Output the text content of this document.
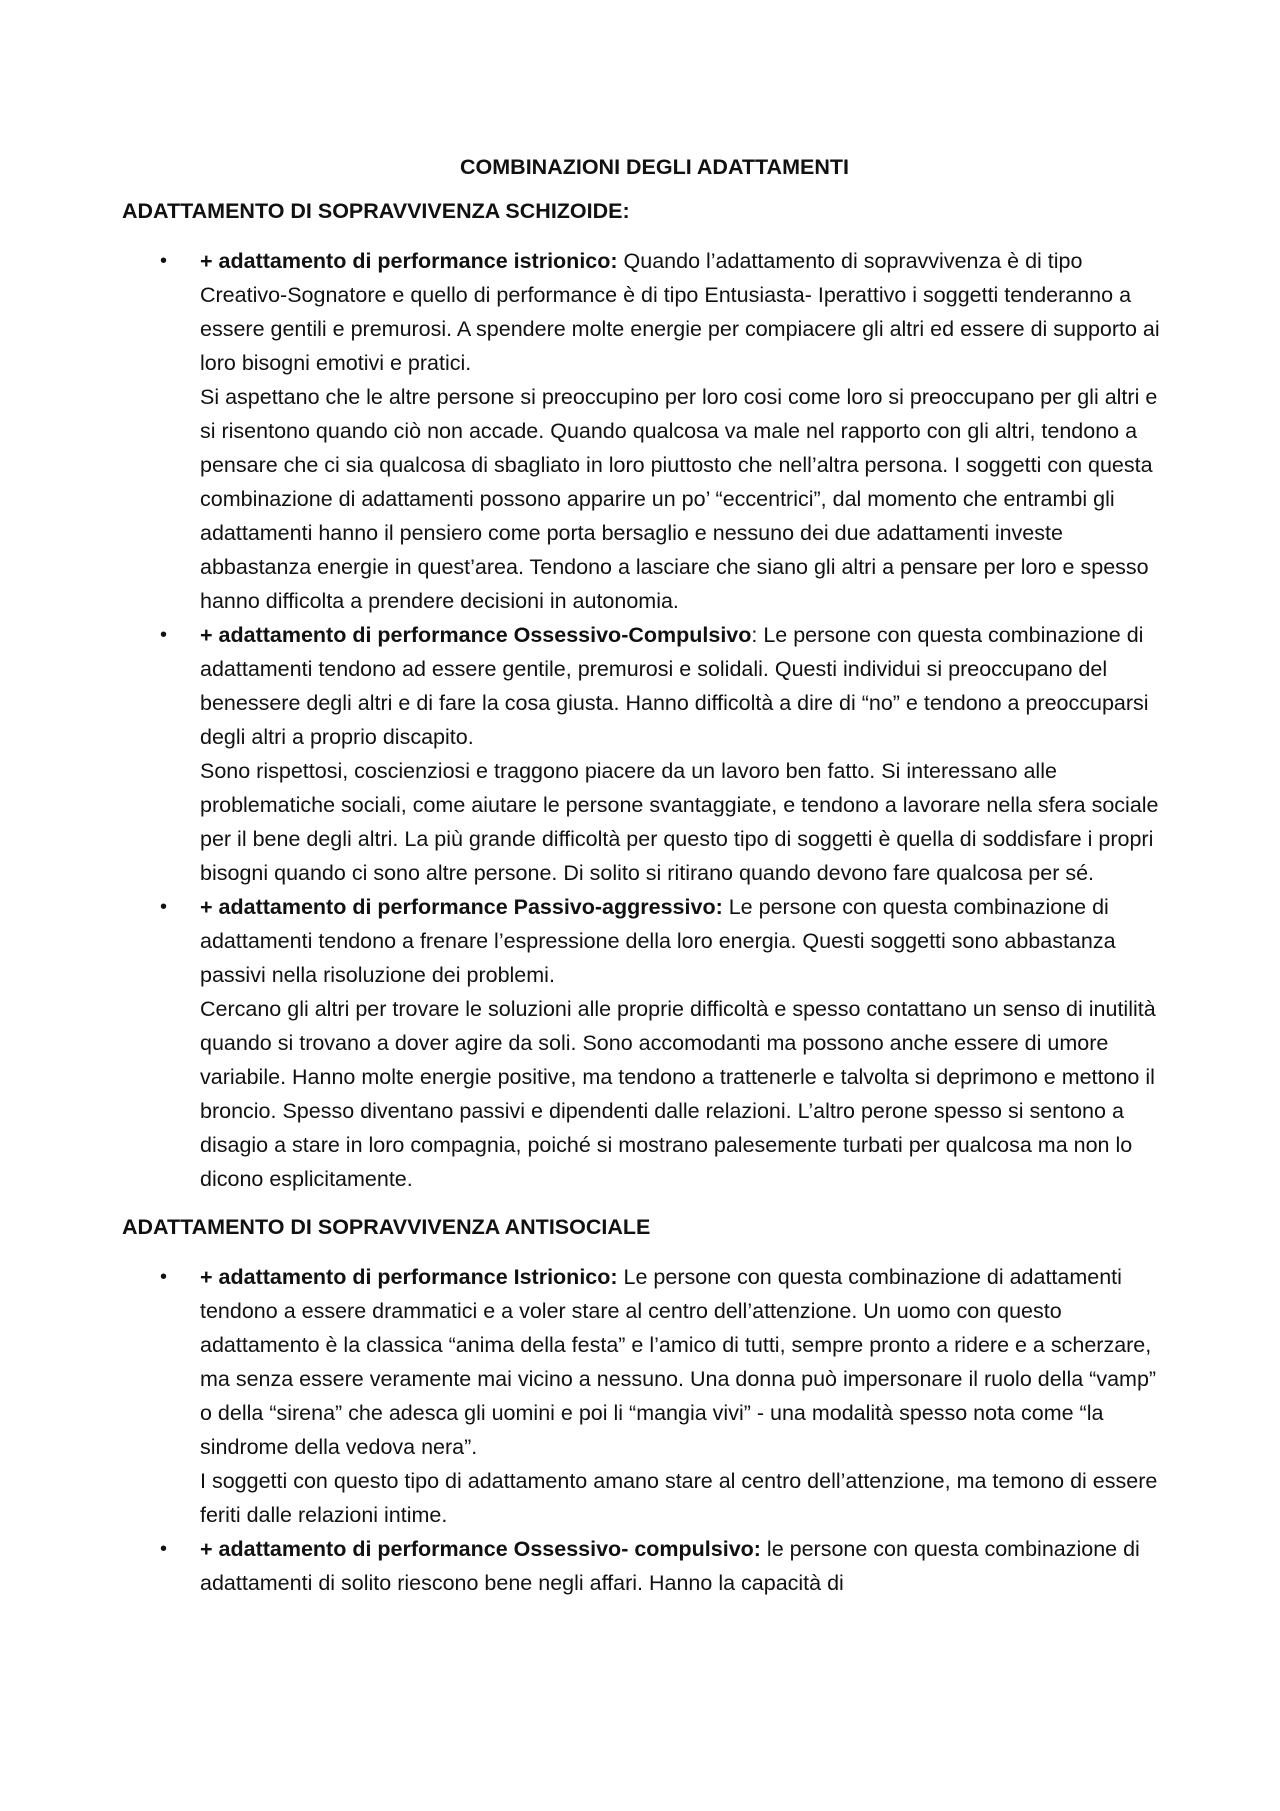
COMBINAZIONI DEGLI ADATTAMENTI
ADATTAMENTO DI SOPRAVVIVENZA SCHIZOIDE:
• + adattamento di performance istrionico: Quando l’adattamento di sopravvivenza è di tipo Creativo-Sognatore e quello di performance è di tipo Entusiasta- Iperattivo i soggetti tenderanno a essere gentili e premurosi. A spendere molte energie per compiacere gli altri ed essere di supporto ai loro bisogni emotivi e pratici.

Si aspettano che le altre persone si preoccupino per loro cosi come loro si preoccupano per gli altri e si risentono quando ciò non accade. Quando qualcosa va male nel rapporto con gli altri, tendono a pensare che ci sia qualcosa di sbagliato in loro piuttosto che nell’altra persona. I soggetti con questa combinazione di adattamenti possono apparire un po’ “eccentrici”, dal momento che entrambi gli adattamenti hanno il pensiero come porta bersaglio e nessuno dei due adattamenti investe abbastanza energie in quest’area. Tendono a lasciare che siano gli altri a pensare per loro e spesso hanno difficolta a prendere decisioni in autonomia.

• + adattamento di performance Ossessivo-Compulsivo: Le persone con questa combinazione di adattamenti tendono ad essere gentile, premurosi e solidali. Questi individui si preoccupano del benessere degli altri e di fare la cosa giusta. Hanno difficoltà a dire di “no” e tendono a preoccuparsi degli altri a proprio discapito.

Sono rispettosi, coscienziosi e traggono piacere da un lavoro ben fatto. Si interessano alle problematiche sociali, come aiutare le persone svantaggiate, e tendono a lavorare nella sfera sociale per il bene degli altri. La più grande difficoltà per questo tipo di soggetti è quella di soddisfare i propri bisogni quando ci sono altre persone. Di solito si ritirano quando devono fare qualcosa per sé.

• + adattamento di performance Passivo-aggressivo: Le persone con questa combinazione di adattamenti tendono a frenare l’espressione della loro energia. Questi soggetti sono abbastanza passivi nella risoluzione dei problemi.

Cercano gli altri per trovare le soluzioni alle proprie difficoltà e spesso contattano un senso di inutilità quando si trovano a dover agire da soli. Sono accomodanti ma possono anche essere di umore variabile. Hanno molte energie positive, ma tendono a trattenerle e talvolta si deprimono e mettono il broncio. Spesso diventano passivi e dipendenti dalle relazioni. L’altro perone spesso si sentono a disagio a stare in loro compagnia, poiché si mostrano palesemente turbati per qualcosa ma non lo dicono esplicitamente.

ADATTAMENTO DI SOPRAVVIVENZA ANTISOCIALE
• + adattamento di performance Istrionico: Le persone con questa combinazione di adattamenti tendono a essere drammatici e a voler stare al centro dell’attenzione. Un uomo con questo adattamento è la classica “anima della festa” e l’amico di tutti, sempre pronto a ridere e a scherzare, ma senza essere veramente mai vicino a nessuno. Una donna può impersonare il ruolo della “vamp” o della “sirena” che adesca gli uomini e poi li “mangia vivi” - una modalità spesso nota come “la sindrome della vedova nera”.

I soggetti con questo tipo di adattamento amano stare al centro dell’attenzione, ma temono di essere feriti dalle relazioni intime.

• + adattamento di performance Ossessivo- compulsivo: le persone con questa combinazione di adattamenti di solito riescono bene negli affari. Hanno la capacità di
